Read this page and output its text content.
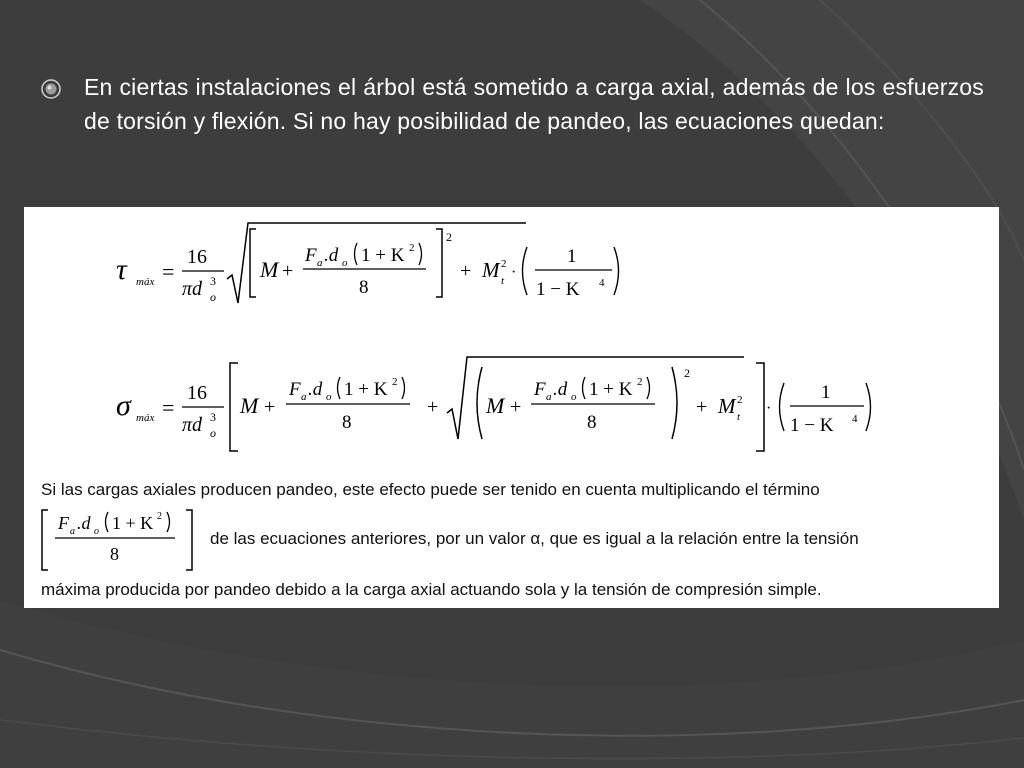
En ciertas instalaciones el árbol está sometido a carga axial, además de los esfuerzos de torsión y flexión. Si no hay posibilidad de pandeo, las ecuaciones quedan:
τ máx =
16
πd 3
o
M +
F a .d o 1 + K 2
8
2
+ M 2
t ·
1
1 − K 4
σ máx =
16
πd 3
o
M +
F a .d o 1 + K 2
8
+ M +
F a .d o 1 + K 2
8
2
+ M 2
t ·
1
1 − K 4
F a .d o 1 + K 2
8
Si las cargas axiales producen pandeo, este efecto puede ser tenido en cuenta multiplicando el término
de las ecuaciones anteriores, por un valor α, que es igual a la relación entre la tensión
máxima producida por pandeo debido a la carga axial actuando sola y la tensión de compresión simple.
